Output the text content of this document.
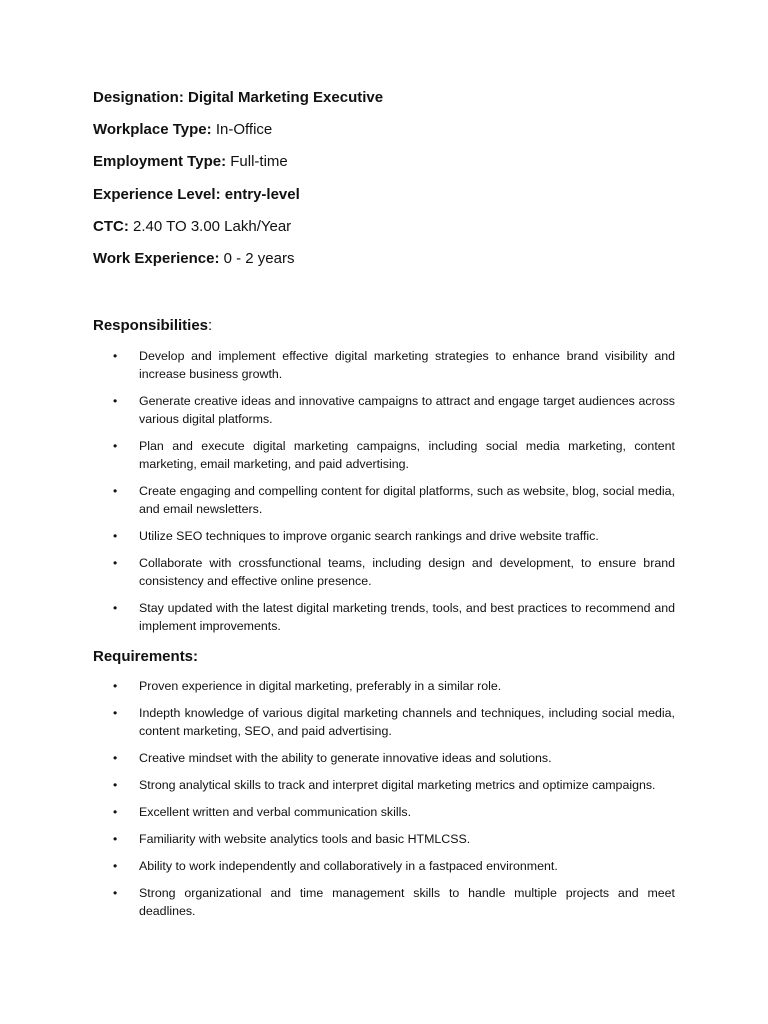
Designation: Digital Marketing Executive
Workplace Type: In-Office
Employment Type: Full-time
Experience Level: entry-level
CTC: 2.40 TO 3.00 Lakh/Year
Work Experience: 0 - 2 years
Responsibilities:
•	Develop and implement effective digital marketing strategies to enhance brand visibility and increase business growth.
•	Generate creative ideas and innovative campaigns to attract and engage target audiences across various digital platforms.
•	Plan and execute digital marketing campaigns, including social media marketing, content marketing, email marketing, and paid advertising.
•	Create engaging and compelling content for digital platforms, such as website, blog, social media, and email newsletters.
•	Utilize SEO techniques to improve organic search rankings and drive website traffic.
•	Collaborate with crossfunctional teams, including design and development, to ensure brand consistency and effective online presence.
•	Stay updated with the latest digital marketing trends, tools, and best practices to recommend and implement improvements.
Requirements:
•	Proven experience in digital marketing, preferably in a similar role.
•	Indepth knowledge of various digital marketing channels and techniques, including social media, content marketing, SEO, and paid advertising.
•	Creative mindset with the ability to generate innovative ideas and solutions.
•	Strong analytical skills to track and interpret digital marketing metrics and optimize campaigns.
•	Excellent written and verbal communication skills.
•	Familiarity with website analytics tools and basic HTMLCSS.
•	Ability to work independently and collaboratively in a fastpaced environment.
•	Strong organizational and time management skills to handle multiple projects and meet deadlines.
